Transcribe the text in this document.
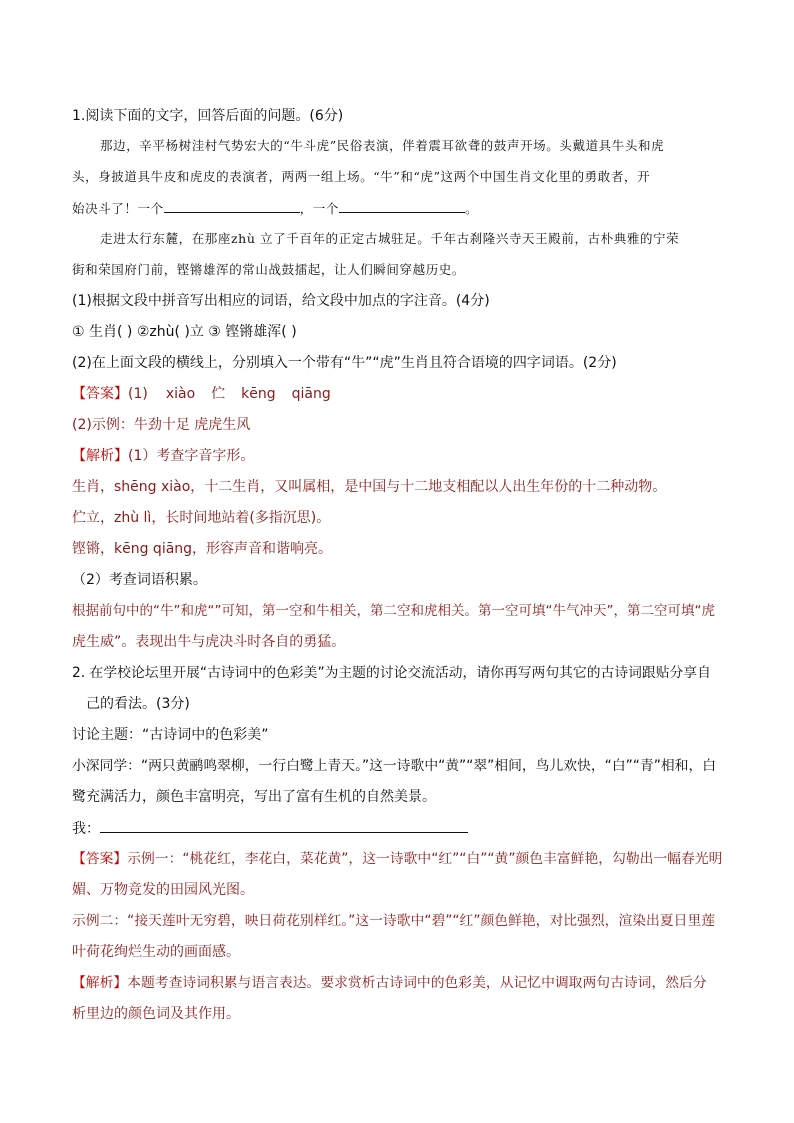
1.阅读下面的文字，回答后面的问题。(6分)
那边，辛平杨树洼村气势宏大的“牛斗虎”民俗表演，伴着震耳欲聋的鼓声开场。头戴道具牛头和虎
头，身披道具牛皮和虎皮的表演者，两两一组上场。“牛”和“虎”这两个中国生肖文化里的勇敢者，开
始决斗了！一个	，一个	。
走进太行东麓，在那座zhù 立了千百年的正定古城驻足。千年古刹隆兴寺天王殿前，古朴典雅的宁荣
街和荣国府门前，铿锵雄浑的常山战鼓擂起，让人们瞬间穿越历史。
(1)根据文段中拼音写出相应的词语，给文段中加点的字注音。(4分)
① 生肖( ) ②zhù( )立 ③ 铿锵雄浑( )
(2)在上面文段的横线上，分别填入一个带有“牛”“虎”生肖且符合语境的四字词语。(2分)
【答案】(1) xiào 伫 kēng qiāng
(2)示例：牛劲十足 虎虎生风
【解析】(1）考查字音字形。
生肖，shēng xiào，十二生肖，又叫属相，是中国与十二地支相配以人出生年份的十二种动物。
伫立，zhù lì，长时间地站着(多指沉思)。
铿锵，kēng qiāng，形容声音和谐响亮。
（2）考查词语积累。
根据前句中的“牛”和虎“”可知，第一空和牛相关，第二空和虎相关。第一空可填“牛气冲天”，第二空可填“虎
虎生威”。表现出牛与虎决斗时各自的勇猛。
2. 在学校论坛里开展“古诗词中的色彩美”为主题的讨论交流活动，请你再写两句其它的古诗词跟贴分享自
己的看法。(3分)
讨论主题：“古诗词中的色彩美”
小深同学：“两只黄鹂鸣翠柳，一行白鹭上青天。”这一诗歌中“黄”“翠”相间，鸟儿欢快，“白”“青”相和，白
鹭充满活力，颜色丰富明亮，写出了富有生机的自然美景。
我：
【答案】示例一：“桃花红，李花白，菜花黄”，这一诗歌中“红”“白”“黄”颜色丰富鲜艳，勾勒出一幅春光明
媚、万物竞发的田园风光图。
示例二：“接天莲叶无穷碧，映日荷花别样红。”这一诗歌中“碧”“红”颜色鲜艳，对比强烈，渲染出夏日里莲
叶荷花绚烂生动的画面感。
【解析】本题考查诗词积累与语言表达。要求赏析古诗词中的色彩美，从记忆中调取两句古诗词，然后分
析里边的颜色词及其作用。
